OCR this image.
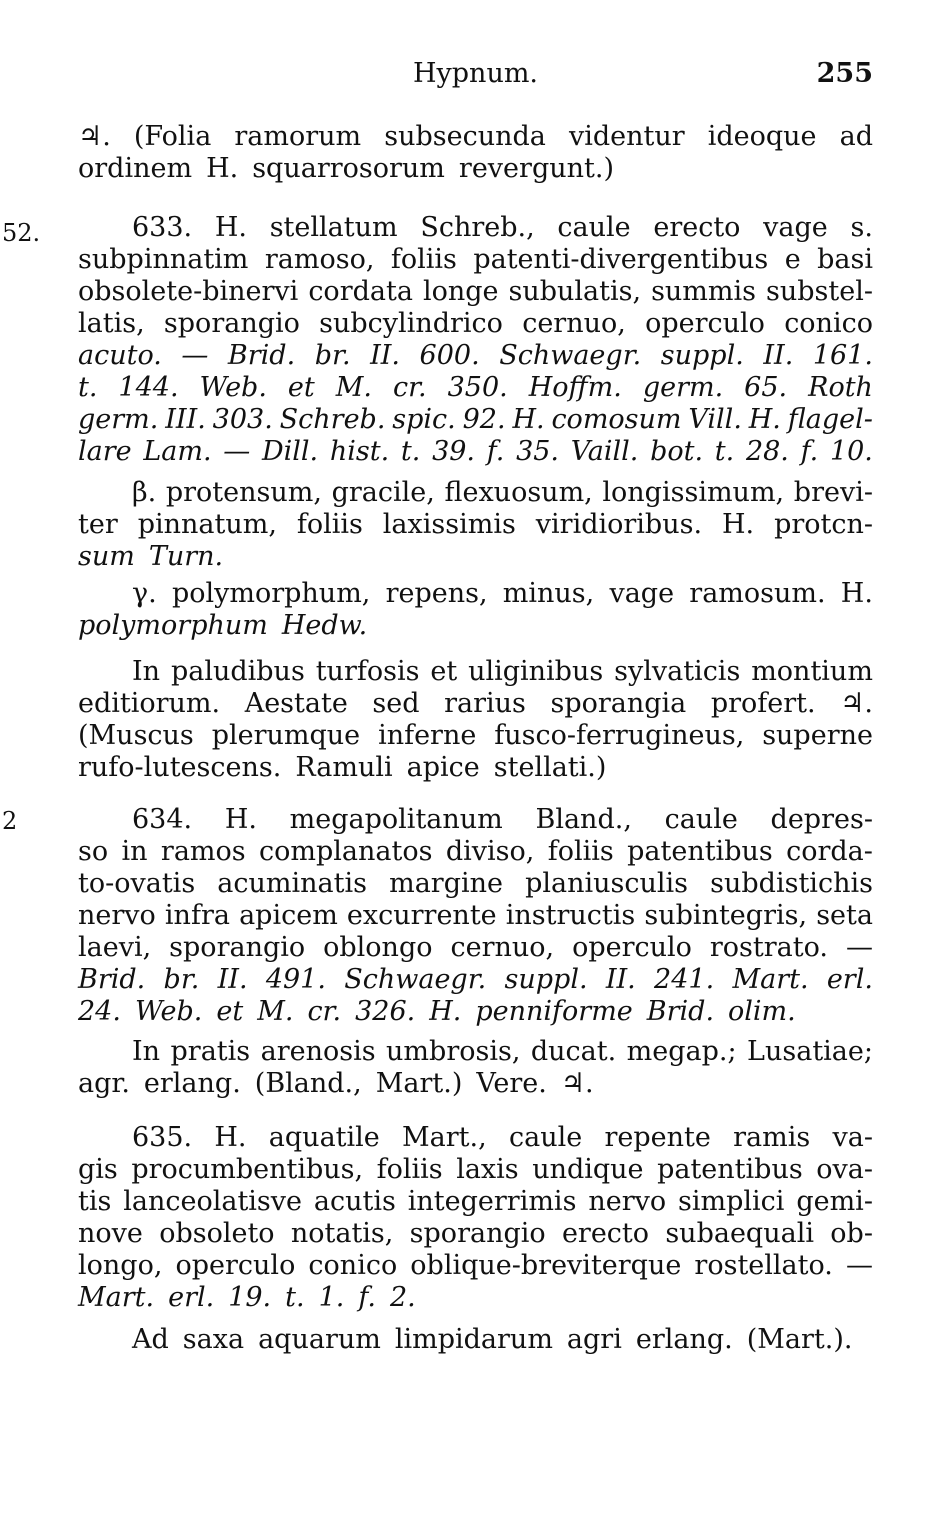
Hypnum.	255
52.
2
♃. (Folia ramorum subsecunda videntur ideoque ad
ordinem H. squarrosorum revergunt.)
633. H. stellatum Schreb., caule erecto vage s.
subpinnatim ramoso, foliis patenti-divergentibus e basi
obsolete-binervi cordata longe subulatis, summis substel-
latis, sporangio subcylindrico cernuo, operculo conico
acuto. — Brid. br. II. 600. Schwaegr. suppl. II. 161.
t. 144. Web. et M. cr. 350. Hoffm. germ. 65. Roth
germ. III. 303. Schreb. spic. 92. H. comosum Vill. H. flagel-
lare Lam. — Dill. hist. t. 39. f. 35. Vaill. bot. t. 28. f. 10.
β. protensum, gracile, flexuosum, longissimum, brevi-
ter pinnatum, foliis laxissimis viridioribus. H. protcn-
sum Turn.
γ. polymorphum, repens, minus, vage ramosum. H.
polymorphum Hedw.
In paludibus turfosis et uliginibus sylvaticis montium
editiorum. Aestate sed rarius sporangia profert. ♃.
(Muscus plerumque inferne fusco-ferrugineus, superne
rufo-lutescens. Ramuli apice stellati.)
634. H. megapolitanum Bland., caule depres-
so in ramos complanatos diviso, foliis patentibus corda-
to-ovatis acuminatis margine planiusculis subdistichis
nervo infra apicem excurrente instructis subintegris, seta
laevi, sporangio oblongo cernuo, operculo rostrato. —
Brid. br. II. 491. Schwaegr. suppl. II. 241. Mart. erl.
24. Web. et M. cr. 326. H. penniforme Brid. olim.
In pratis arenosis umbrosis, ducat. megap.; Lusatiae;
agr. erlang. (Bland., Mart.) Vere. ♃.
635. H. aquatile Mart., caule repente ramis va-
gis procumbentibus, foliis laxis undique patentibus ova-
tis lanceolatisve acutis integerrimis nervo simplici gemi-
nove obsoleto notatis, sporangio erecto subaequali ob-
longo, operculo conico oblique-breviterque rostellato. —
Mart. erl. 19. t. 1. f. 2.
Ad saxa aquarum limpidarum agri erlang. (Mart.).
